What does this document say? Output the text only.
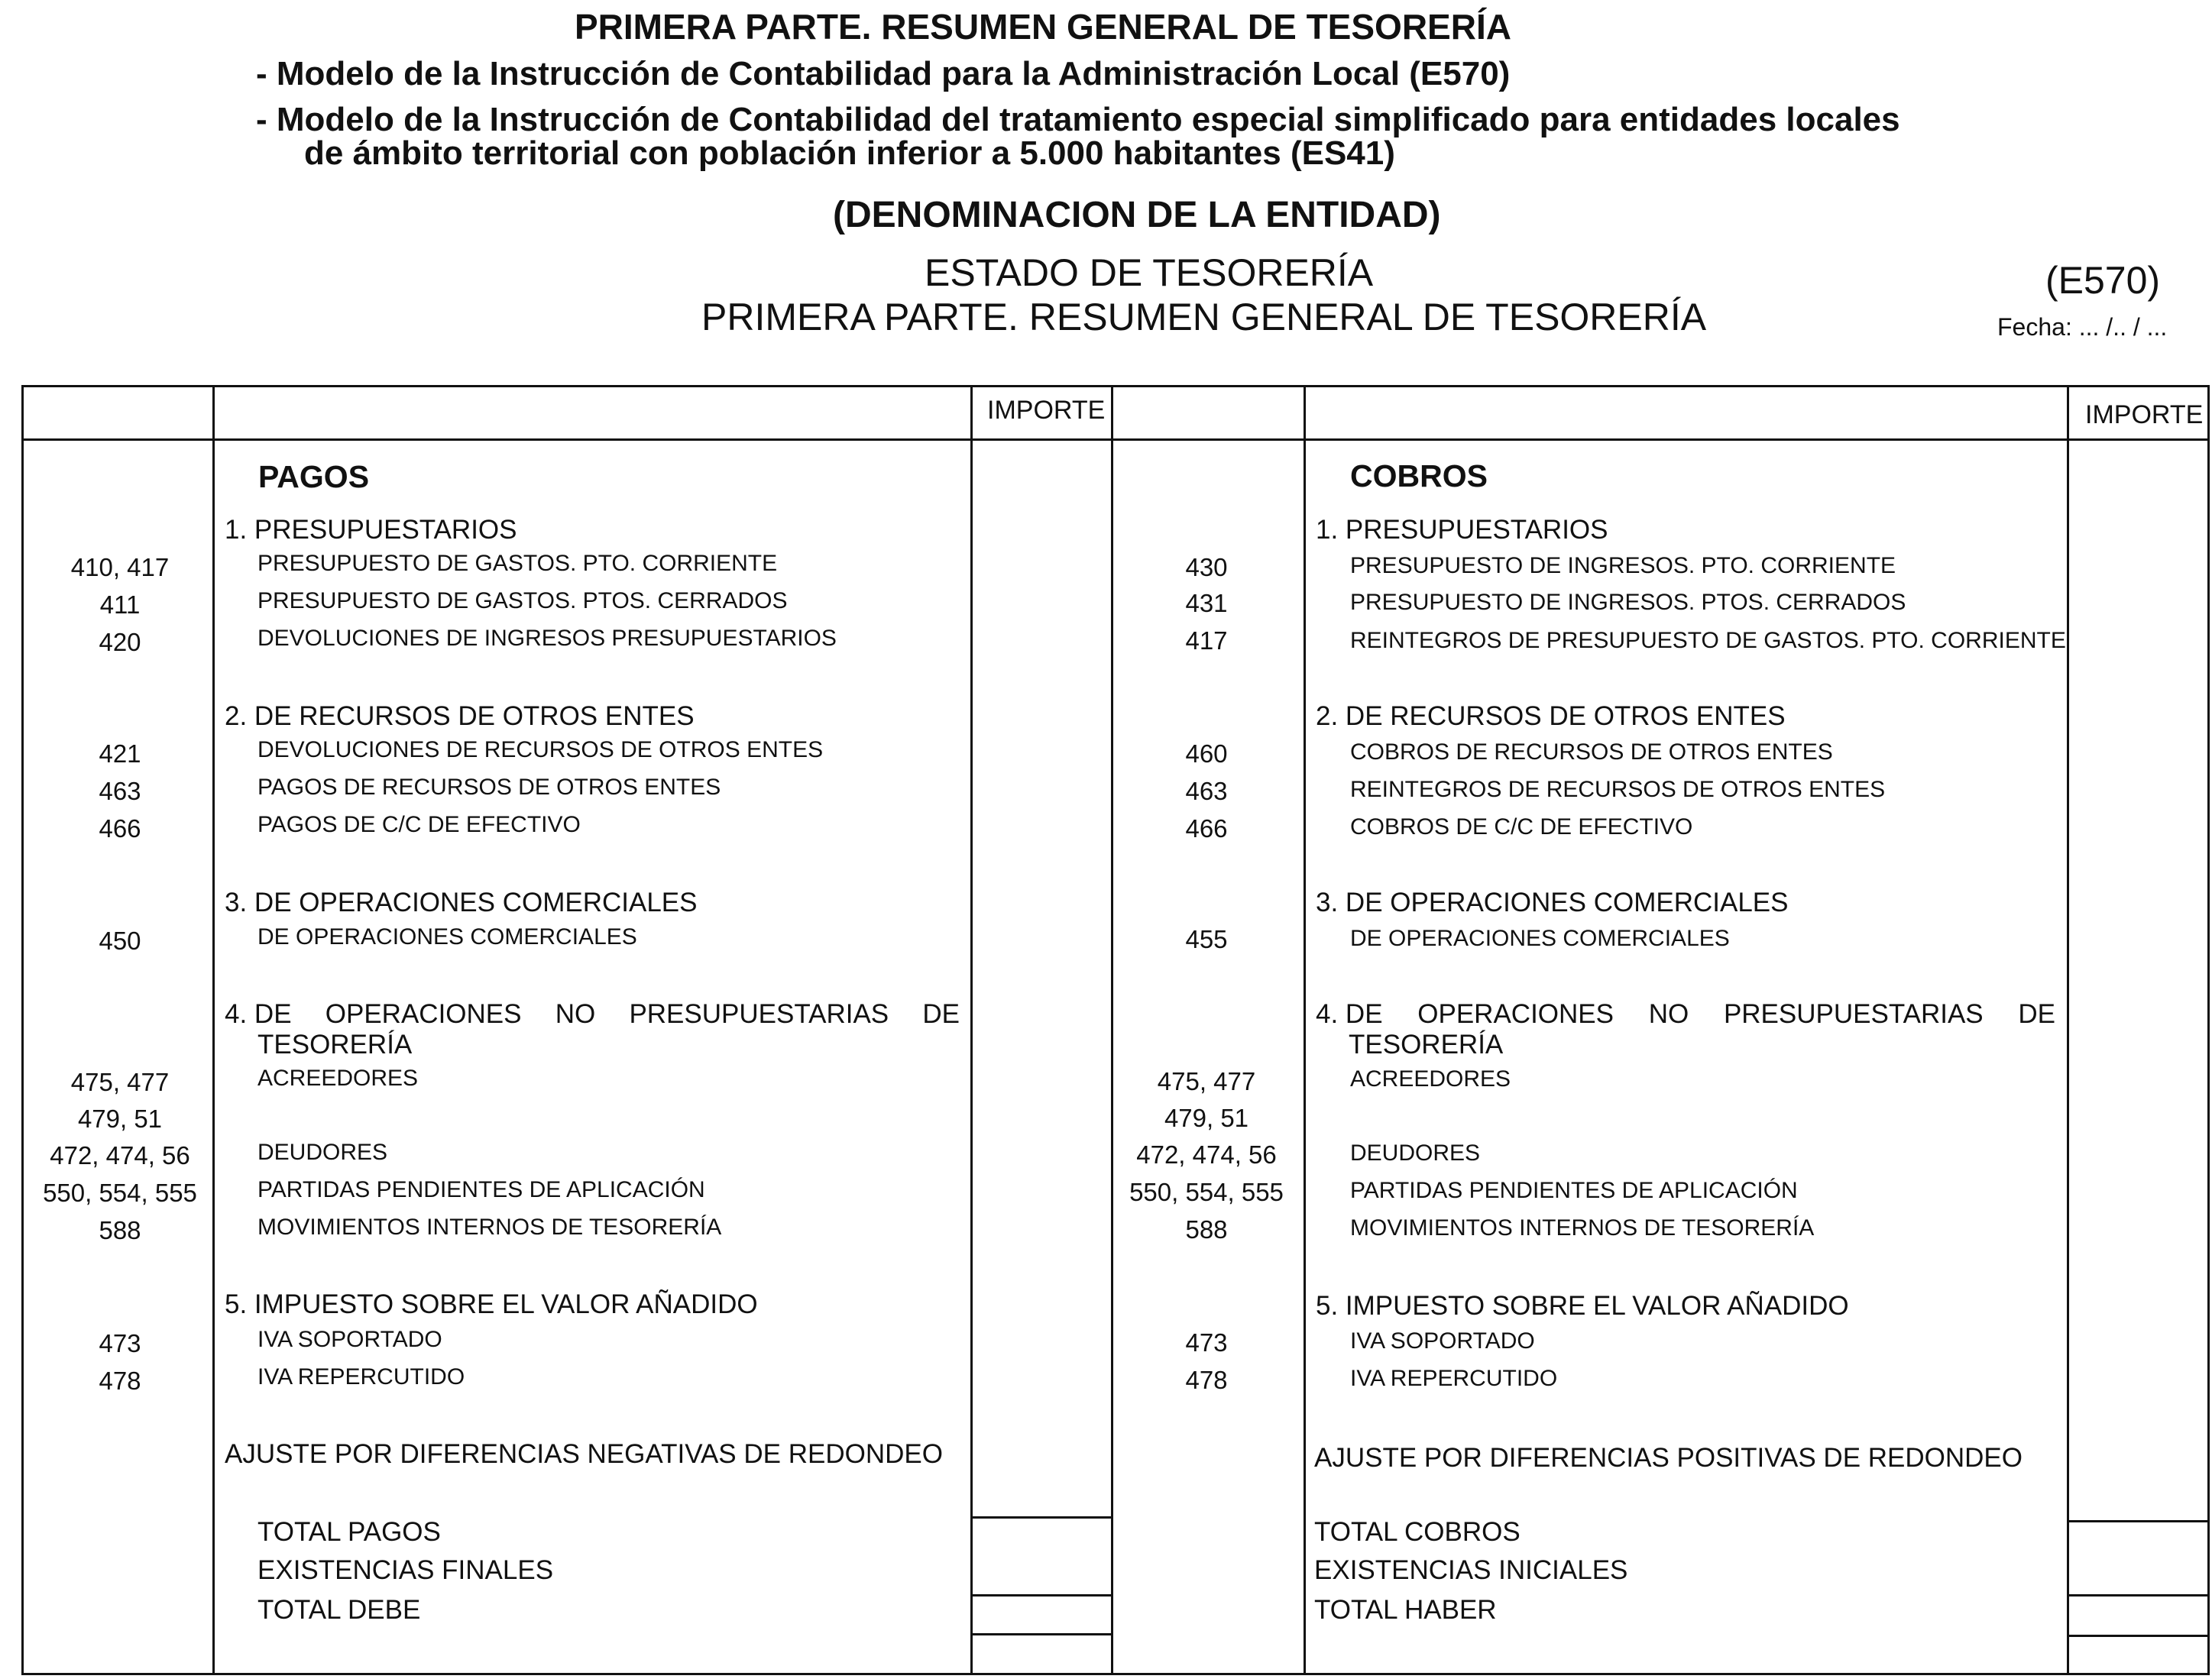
PRIMERA PARTE. RESUMEN GENERAL DE TESORERÍA
- Modelo de la Instrucción de Contabilidad para la Administración Local (E570)
- Modelo de la Instrucción de Contabilidad del tratamiento especial simplificado para entidades locales
de ámbito territorial con población inferior a 5.000 habitantes (ES41)
(DENOMINACION DE LA ENTIDAD)
ESTADO DE TESORERÍA
PRIMERA PARTE. RESUMEN GENERAL DE TESORERÍA
(E570)
Fecha: ... /.. / ...
IMPORTE	IMPORTE
PAGOS
1. PRESUPUESTARIOS
410, 417	PRESUPUESTO DE GASTOS. PTO. CORRIENTE
411	PRESUPUESTO DE GASTOS. PTOS. CERRADOS
420	DEVOLUCIONES DE INGRESOS PRESUPUESTARIOS
2. DE RECURSOS DE OTROS ENTES
421	DEVOLUCIONES DE RECURSOS DE OTROS ENTES
463	PAGOS DE RECURSOS DE OTROS ENTES
466	PAGOS DE C/C DE EFECTIVO
3. DE OPERACIONES COMERCIALES
450	DE OPERACIONES COMERCIALES
4. DE OPERACIONES NO PRESUPUESTARIAS DE
TESORERÍA
475, 477	ACREEDORES
479, 51
472, 474, 56	DEUDORES
550, 554, 555	PARTIDAS PENDIENTES DE APLICACIÓN
588	MOVIMIENTOS INTERNOS DE TESORERÍA
5. IMPUESTO SOBRE EL VALOR AÑADIDO
473	IVA SOPORTADO
478	IVA REPERCUTIDO
AJUSTE POR DIFERENCIAS NEGATIVAS DE REDONDEO
TOTAL PAGOS
EXISTENCIAS FINALES
TOTAL DEBE
COBROS
1. PRESUPUESTARIOS
430	PRESUPUESTO DE INGRESOS. PTO. CORRIENTE
431	PRESUPUESTO DE INGRESOS. PTOS. CERRADOS
417	REINTEGROS DE PRESUPUESTO DE GASTOS. PTO. CORRIENTE
2. DE RECURSOS DE OTROS ENTES
460	COBROS DE RECURSOS DE OTROS ENTES
463	REINTEGROS DE RECURSOS DE OTROS ENTES
466	COBROS DE C/C DE EFECTIVO
3. DE OPERACIONES COMERCIALES
455	DE OPERACIONES COMERCIALES
4. DE OPERACIONES NO PRESUPUESTARIAS DE
TESORERÍA
475, 477	ACREEDORES
479, 51
472, 474, 56	DEUDORES
550, 554, 555	PARTIDAS PENDIENTES DE APLICACIÓN
588	MOVIMIENTOS INTERNOS DE TESORERÍA
5. IMPUESTO SOBRE EL VALOR AÑADIDO
473	IVA SOPORTADO
478	IVA REPERCUTIDO
AJUSTE POR DIFERENCIAS POSITIVAS DE REDONDEO
TOTAL COBROS
EXISTENCIAS INICIALES
TOTAL HABER
